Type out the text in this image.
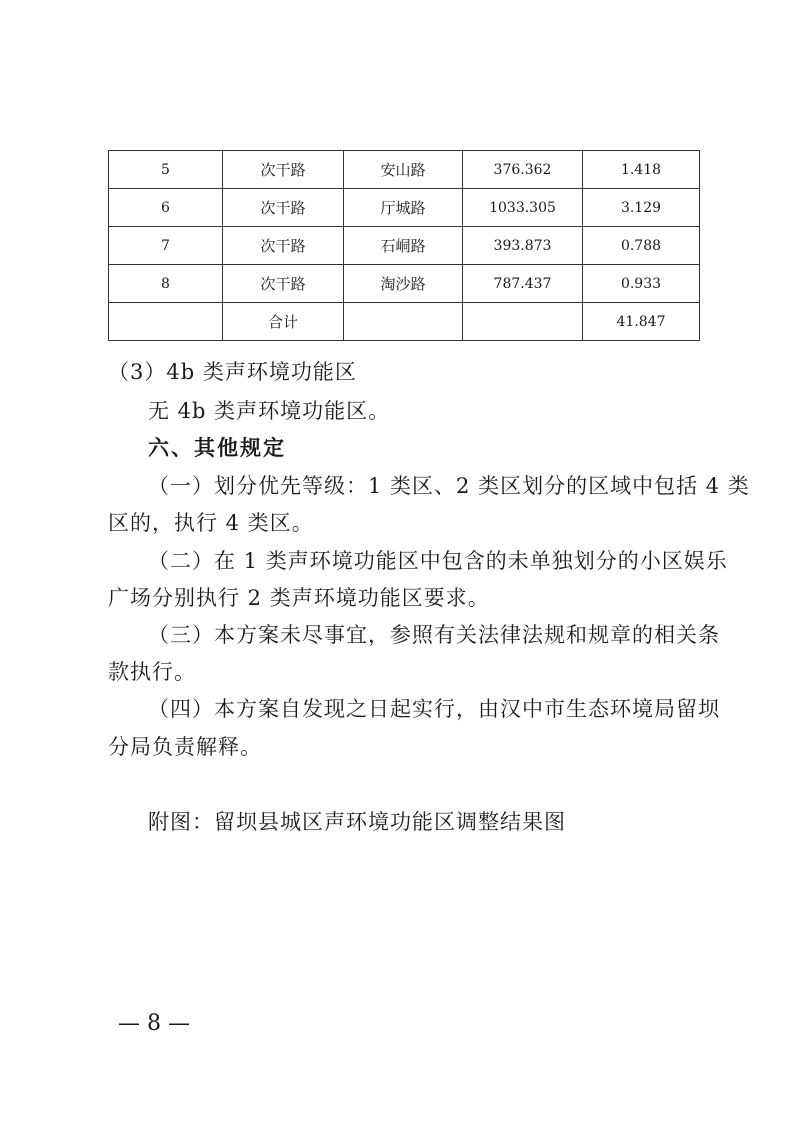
5	次干路	安山路	376.362	1.418
6	次干路	厅城路	1033.305	3.129
7	次干路	石峒路	393.873	0.788
8	次干路	淘沙路	787.437	0.933
	合计			41.847
（3）4b 类声环境功能区
无 4b 类声环境功能区。
六、其他规定
（一）划分优先等级：1 类区、2 类区划分的区域中包括 4 类
区的，执行 4 类区。
（二）在 1 类声环境功能区中包含的未单独划分的小区娱乐
广场分别执行 2 类声环境功能区要求。
（三）本方案未尽事宜，参照有关法律法规和规章的相关条
款执行。
（四）本方案自发现之日起实行，由汉中市生态环境局留坝
分局负责解释。
附图：留坝县城区声环境功能区调整结果图
— 8 —
